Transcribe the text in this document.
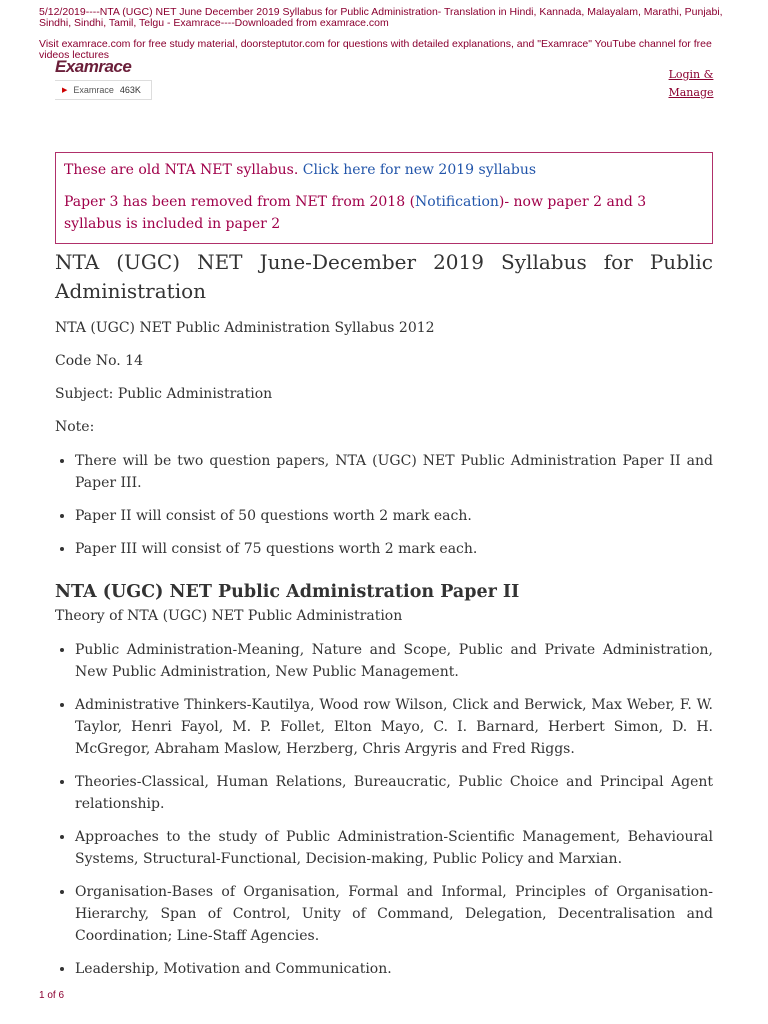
5/12/2019----NTA (UGC) NET June December 2019 Syllabus for Public Administration- Translation in Hindi, Kannada, Malayalam, Marathi, Punjabi, Sindhi, Sindhi, Tamil, Telgu - Examrace----Downloaded from examrace.com

Visit examrace.com for free study material, doorsteptutor.com for questions with detailed explanations, and "Examrace" YouTube channel for free videos lectures

Examrace
▶ Examrace 463K
Login &
Manage

These are old NTA NET syllabus. Click here for new 2019 syllabus

Paper 3 has been removed from NET from 2018 (Notification)- now paper 2 and 3 syllabus is included in paper 2

NTA (UGC) NET June-December 2019 Syllabus for Public Administration

NTA (UGC) NET Public Administration Syllabus 2012

Code No. 14

Subject: Public Administration

Note:

• There will be two question papers, NTA (UGC) NET Public Administration Paper II and Paper III.
• Paper II will consist of 50 questions worth 2 mark each.
• Paper III will consist of 75 questions worth 2 mark each.
NTA (UGC) NET Public Administration Paper II

Theory of NTA (UGC) NET Public Administration

• Public Administration-Meaning, Nature and Scope, Public and Private Administration, New Public Administration, New Public Management.
• Administrative Thinkers-Kautilya, Wood row Wilson, Click and Berwick, Max Weber, F. W. Taylor, Henri Fayol, M. P. Follet, Elton Mayo, C. I. Barnard, Herbert Simon, D. H. McGregor, Abraham Maslow, Herzberg, Chris Argyris and Fred Riggs.
• Theories-Classical, Human Relations, Bureaucratic, Public Choice and Principal Agent relationship.
• Approaches to the study of Public Administration-Scientific Management, Behavioural Systems, Structural-Functional, Decision-making, Public Policy and Marxian.
• Organisation-Bases of Organisation, Formal and Informal, Principles of Organisation-Hierarchy, Span of Control, Unity of Command, Delegation, Decentralisation and Coordination; Line-Staff Agencies.
• Leadership, Motivation and Communication.
1 of 6
